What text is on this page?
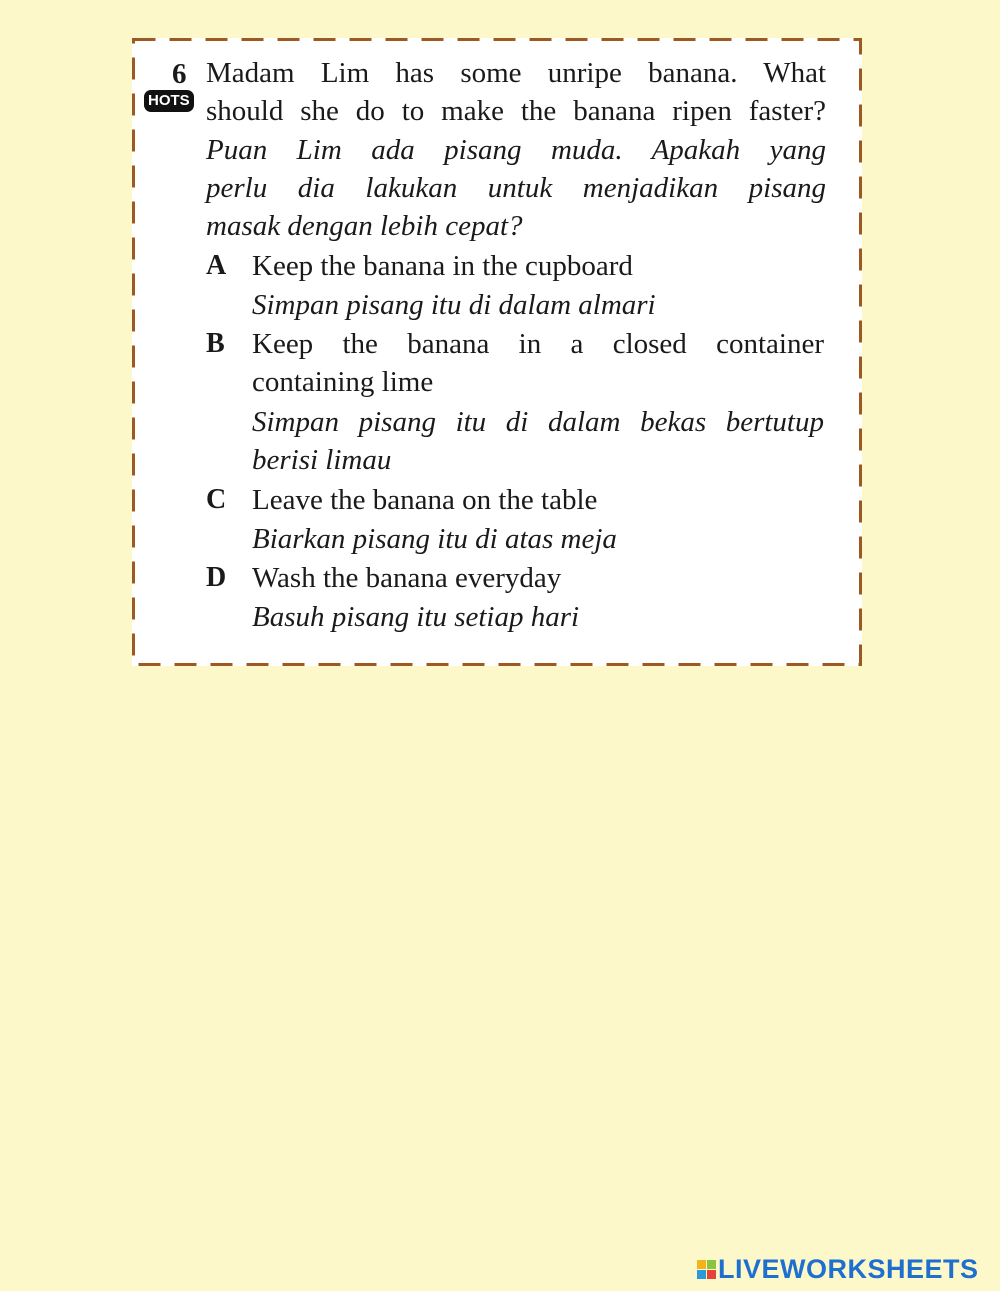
6
HOTS
Madam Lim has some unripe banana. What
should she do to make the banana ripen faster?
Puan Lim ada pisang muda. Apakah yang
perlu dia lakukan untuk menjadikan pisang
masak dengan lebih cepat?
A Keep the banana in the cupboard
Simpan pisang itu di dalam almari
B Keep the banana in a closed container
containing lime
Simpan pisang itu di dalam bekas bertutup
berisi limau
C Leave the banana on the table
Biarkan pisang itu di atas meja
D Wash the banana everyday
Basuh pisang itu setiap hari
LIVEWORKSHEETS
